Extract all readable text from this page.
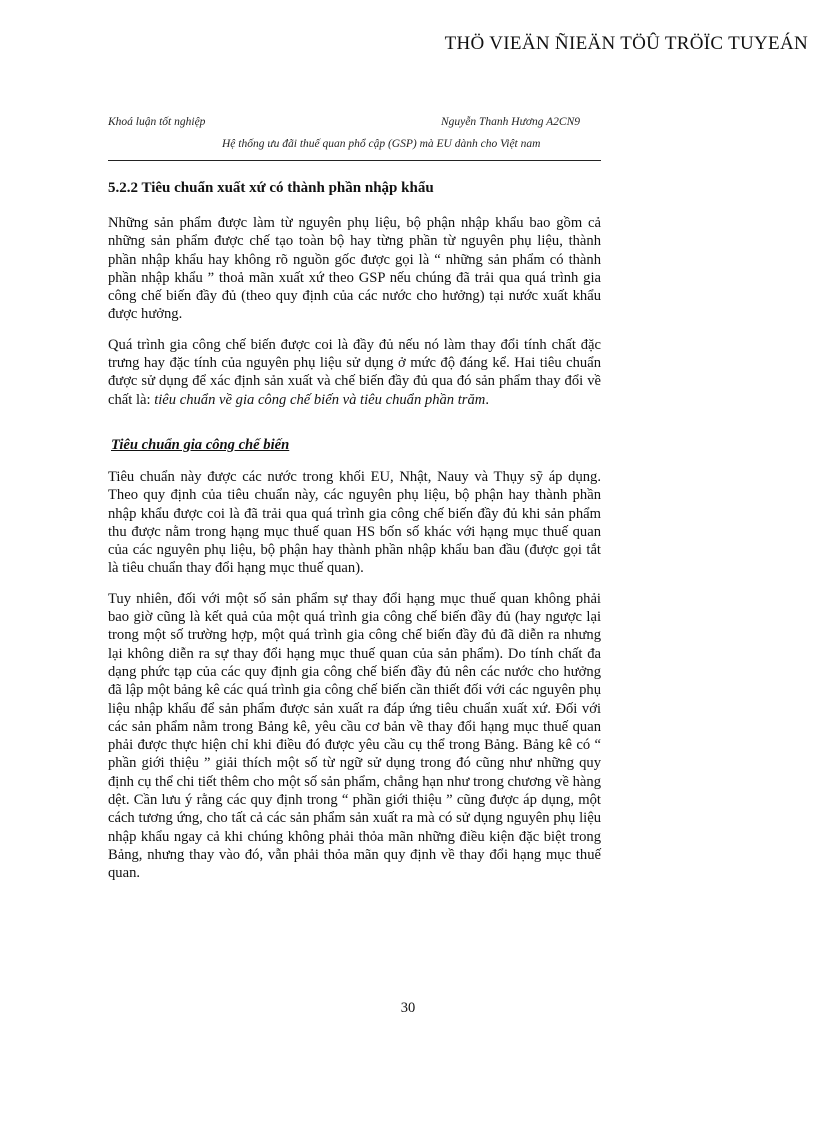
THÖ VIEÄN ÑIEÄN TÖÛ TRÖÏC TUYEÁN
Khoá luận tốt nghiệp	Nguyễn Thanh Hương A2CN9
Hệ thống ưu đãi thuế quan phổ cập (GSP) mà EU dành cho Việt nam
5.2.2 Tiêu chuẩn xuất xứ có thành phần nhập khẩu

Những sản phẩm được làm từ nguyên phụ liệu, bộ phận nhập khẩu bao gồm cả những sản phẩm được chế tạo toàn bộ hay từng phần từ nguyên phụ liệu, thành phần nhập khẩu hay không rõ nguồn gốc được gọi là “ những sản phẩm có thành phần nhập khẩu ” thoả mãn xuất xứ theo GSP nếu chúng đã trải qua quá trình gia công chế biến đầy đủ (theo quy định của các nước cho hưởng) tại nước xuất khẩu được hưởng.

Quá trình gia công chế biến được coi là đầy đủ nếu nó làm thay đổi tính chất đặc trưng hay đặc tính của nguyên phụ liệu sử dụng ở mức độ đáng kể. Hai tiêu chuẩn được sử dụng để xác định sản xuất và chế biến đầy đủ qua đó sản phẩm thay đổi về chất là: tiêu chuẩn về gia công chế biến và tiêu chuẩn phần trăm.

Tiêu chuẩn gia công chế biến

Tiêu chuẩn này được các nước trong khối EU, Nhật, Nauy và Thụy sỹ áp dụng. Theo quy định của tiêu chuẩn này, các nguyên phụ liệu, bộ phận hay thành phần nhập khẩu được coi là đã trải qua quá trình gia công chế biến đầy đủ khi sản phẩm thu được nằm trong hạng mục thuế quan HS bốn số khác với hạng mục thuế quan của các nguyên phụ liệu, bộ phận hay thành phần nhập khẩu ban đầu (được gọi tắt là tiêu chuẩn thay đổi hạng mục thuế quan).

Tuy nhiên, đối với một số sản phẩm sự thay đổi hạng mục thuế quan không phải bao giờ cũng là kết quả của một quá trình gia công chế biến đầy đủ (hay ngược lại trong một số trường hợp, một quá trình gia công chế biến đầy đủ đã diễn ra nhưng lại không diễn ra sự thay đổi hạng mục thuế quan của sản phẩm). Do tính chất đa dạng phức tạp của các quy định gia công chế biến đầy đủ nên các nước cho hưởng đã lập một bảng kê các quá trình gia công chế biến cần thiết đối với các nguyên phụ liệu nhập khẩu để sản phẩm được sản xuất ra đáp ứng tiêu chuẩn xuất xứ. Đối với các sản phẩm nằm trong Bảng kê, yêu cầu cơ bản về thay đổi hạng mục thuế quan phải được thực hiện chỉ khi điều đó được yêu cầu cụ thể trong Bảng. Bảng kê có “ phần giới thiệu ” giải thích một số từ ngữ sử dụng trong đó cũng như những quy định cụ thể chi tiết thêm cho một số sản phẩm, chẳng hạn như trong chương về hàng dệt. Cần lưu ý rằng các quy định trong “ phần giới thiệu ” cũng được áp dụng, một cách tương ứng, cho tất cả các sản phẩm sản xuất ra mà có sử dụng nguyên phụ liệu nhập khẩu ngay cả khi chúng không phải thỏa mãn những điều kiện đặc biệt trong Bảng, nhưng thay vào đó, vẫn phải thỏa mãn quy định về thay đổi hạng mục thuế quan.

30
